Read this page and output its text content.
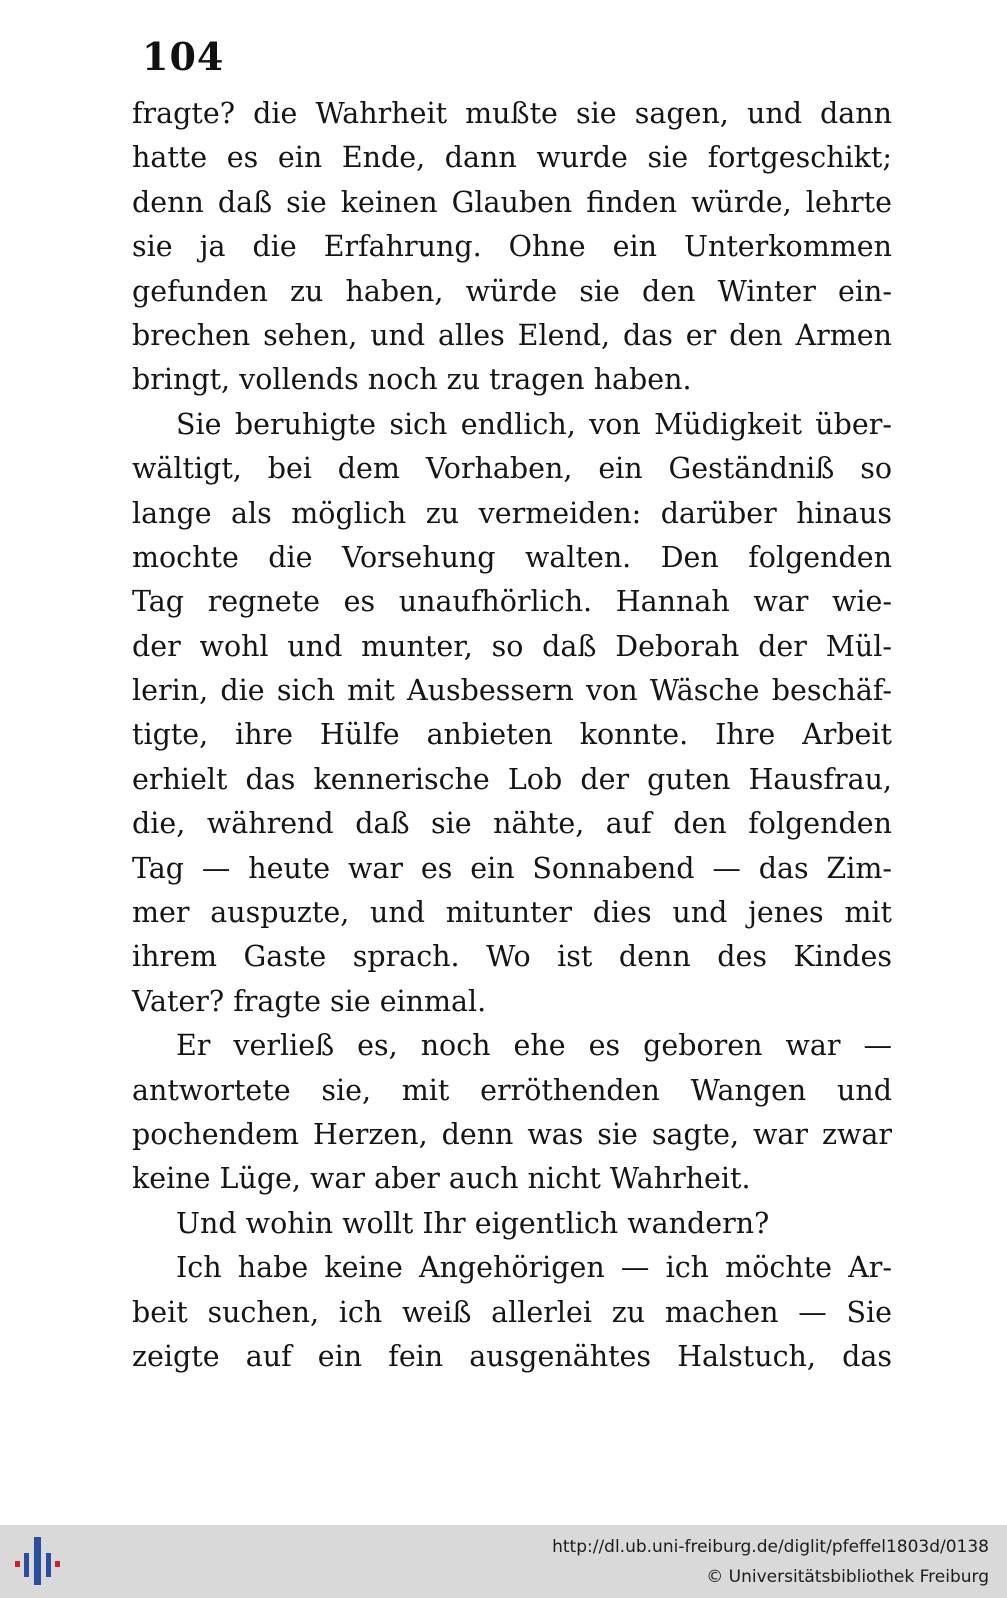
104

fragte? die Wahrheit mußte sie sagen, und dann
hatte es ein Ende, dann wurde sie fortgeschikt;
denn daß sie keinen Glauben finden würde, lehrte
sie ja die Erfahrung. Ohne ein Unterkommen
gefunden zu haben, würde sie den Winter ein-
brechen sehen, und alles Elend, das er den Armen
bringt, vollends noch zu tragen haben.
Sie beruhigte sich endlich, von Müdigkeit über-
wältigt, bei dem Vorhaben, ein Geständniß so
lange als möglich zu vermeiden: darüber hinaus
mochte die Vorsehung walten. Den folgenden
Tag regnete es unaufhörlich. Hannah war wie-
der wohl und munter, so daß Deborah der Mül-
lerin, die sich mit Ausbessern von Wäsche beschäf-
tigte, ihre Hülfe anbieten konnte. Ihre Arbeit
erhielt das kennerische Lob der guten Hausfrau,
die, während daß sie nähte, auf den folgenden
Tag — heute war es ein Sonnabend — das Zim-
mer auspuzte, und mitunter dies und jenes mit
ihrem Gaste sprach. Wo ist denn des Kindes
Vater? fragte sie einmal.
Er verließ es, noch ehe es geboren war —
antwortete sie, mit erröthenden Wangen und
pochendem Herzen, denn was sie sagte, war zwar
keine Lüge, war aber auch nicht Wahrheit.
Und wohin wollt Ihr eigentlich wandern?
Ich habe keine Angehörigen — ich möchte Ar-
beit suchen, ich weiß allerlei zu machen — Sie
zeigte auf ein fein ausgenähtes Halstuch, das

http://dl.ub.uni-freiburg.de/diglit/pfeffel1803d/0138

© Universitätsbibliothek Freiburg
